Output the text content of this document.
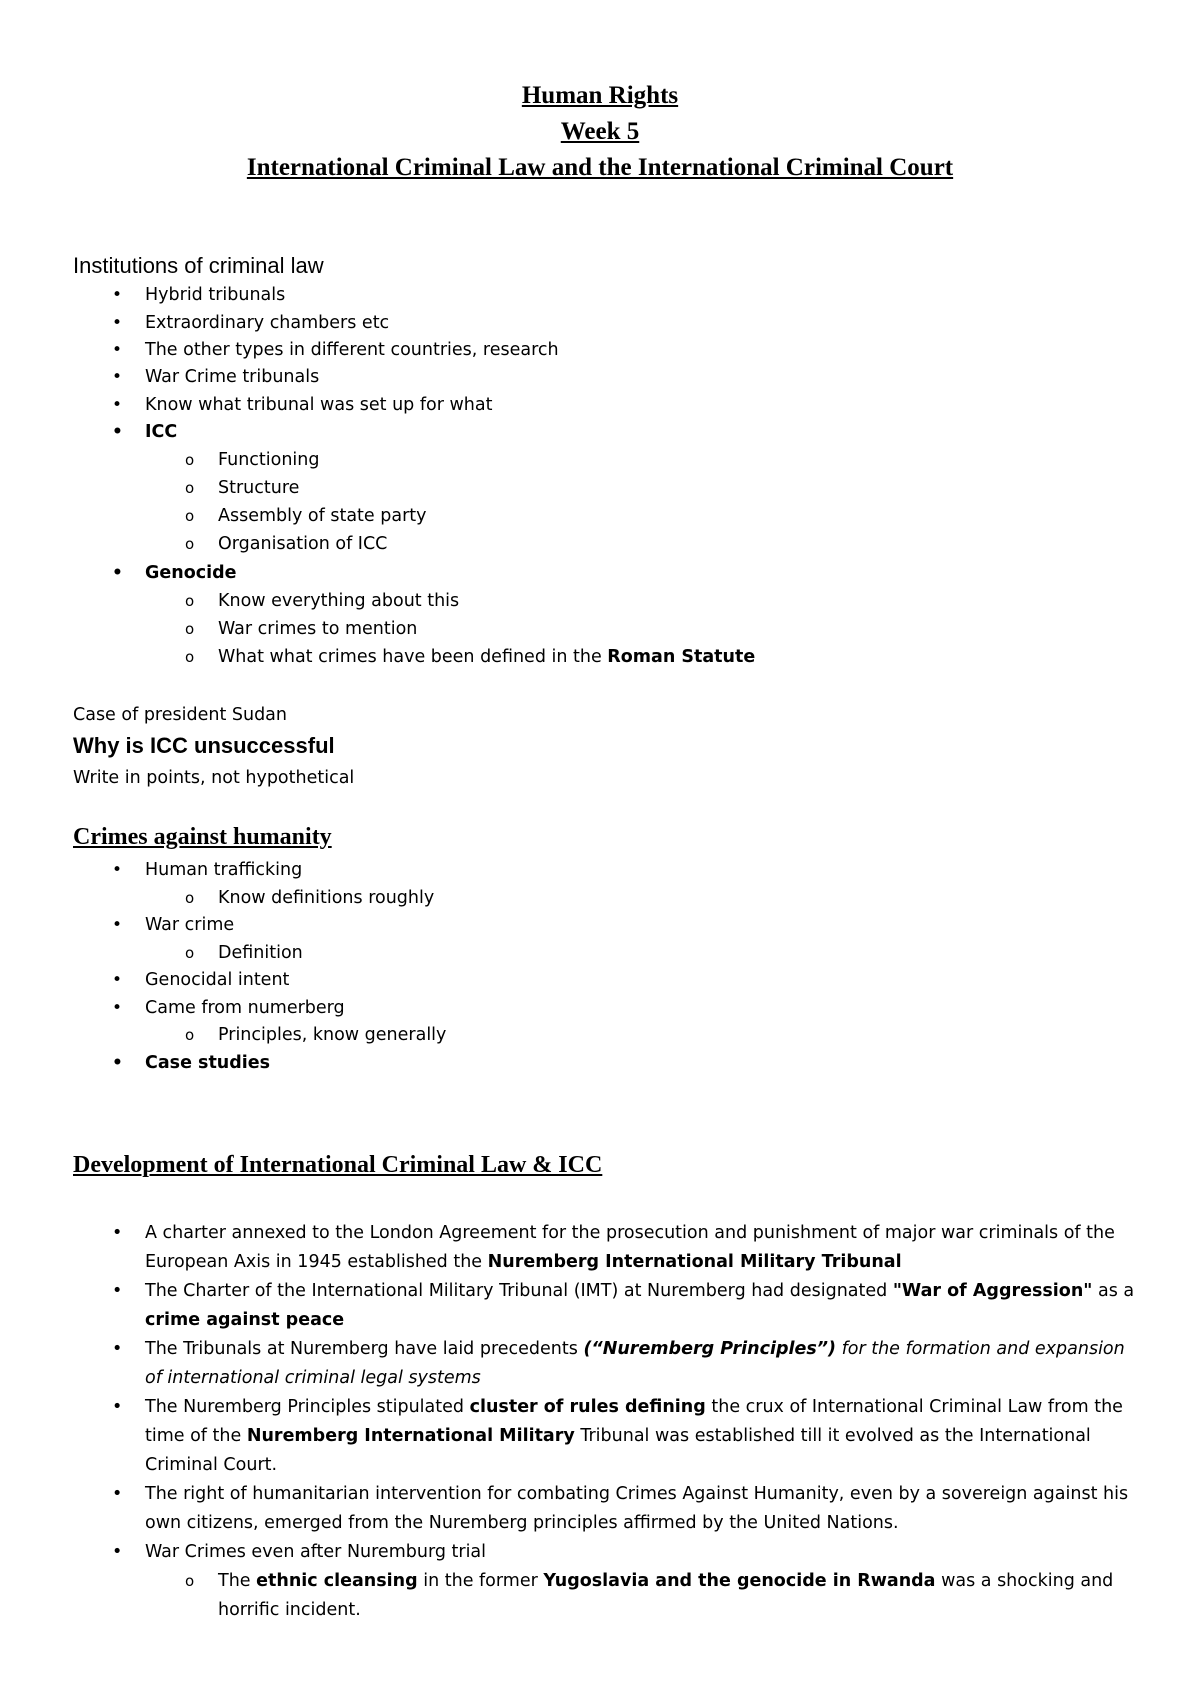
Human Rights

Week 5

International Criminal Law and the International Criminal Court

Institutions of criminal law

• Hybrid tribunals

• Extraordinary chambers etc

• The other types in different countries, research

• War Crime tribunals

• Know what tribunal was set up for what

• ICC

o Functioning

o Structure

o Assembly of state party

o Organisation of ICC

• Genocide

o Know everything about this

o War crimes to mention

o What what crimes have been defined in the Roman Statute

Case of president Sudan

Why is ICC unsuccessful

Write in points, not hypothetical

Crimes against humanity

• Human trafficking

o Know definitions roughly

• War crime

o Definition

• Genocidal intent

• Came from numerberg

o Principles, know generally

• Case studies

Development of International Criminal Law & ICC

• A charter annexed to the London Agreement for the prosecution and punishment of major war criminals of the European Axis in 1945 established the Nuremberg International Military Tribunal

• The Charter of the International Military Tribunal (IMT) at Nuremberg had designated "War of Aggression" as a crime against peace

• The Tribunals at Nuremberg have laid precedents (“Nuremberg Principles”) for the formation and expansion of international criminal legal systems

• The Nuremberg Principles stipulated cluster of rules defining the crux of International Criminal Law from the time of the Nuremberg International Military Tribunal was established till it evolved as the International Criminal Court.

• The right of humanitarian intervention for combating Crimes Against Humanity, even by a sovereign against his own citizens, emerged from the Nuremberg principles affirmed by the United Nations.

• War Crimes even after Nuremburg trial

o The ethnic cleansing in the former Yugoslavia and the genocide in Rwanda was a shocking and horrific incident.
